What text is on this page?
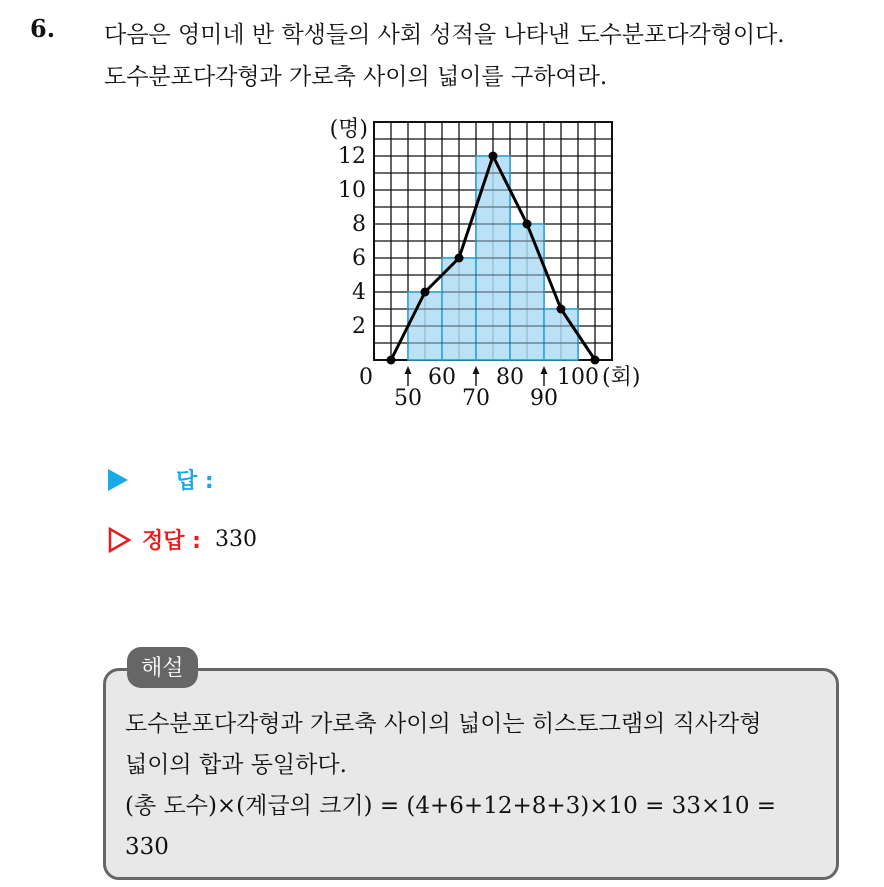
6. 다음은 영미네 반 학생들의 사회 성적을 나타낸 도수분포다각형이다.
도수분포다각형과 가로축 사이의 넓이를 구하여라.
2
4
6
8
10
12
(명)
0	60 80 100
50 70 90
(회)
답 :
정답 : 330
해설
도수분포다각형과 가로축 사이의 넓이는 히스토그램의 직사각형
넓이의 합과 동일하다.
(총 도수)×(계급의 크기) = (4+6+12+8+3)×10 = 33×10 =
330
